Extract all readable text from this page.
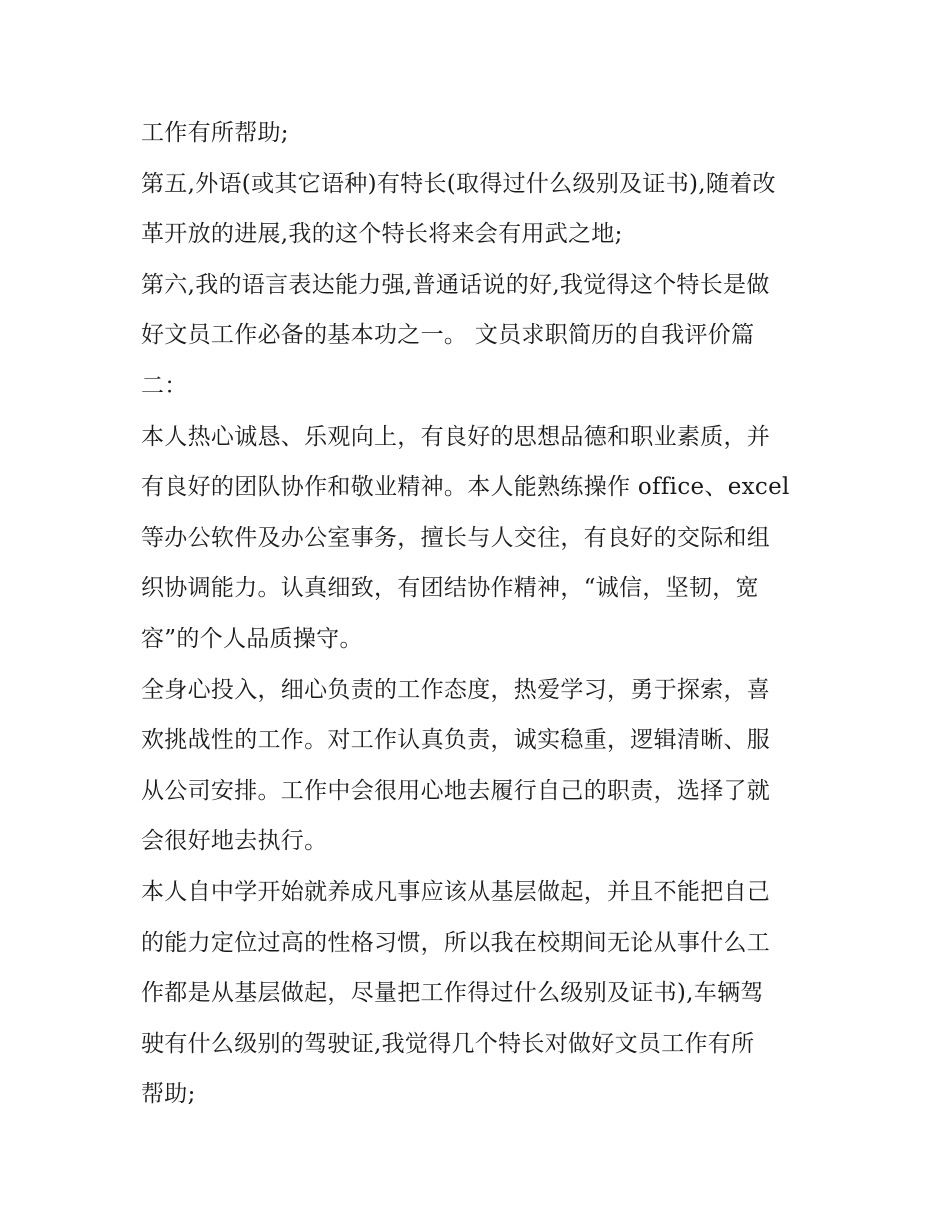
工作有所帮助;
第五,外语(或其它语种)有特长(取得过什么级别及证书),随着改
革开放的进展,我的这个特长将来会有用武之地;
第六,我的语言表达能力强,普通话说的好,我觉得这个特长是做
好文员工作必备的基本功之一。 文员求职简历的自我评价篇
二：
本人热心诚恳、乐观向上，有良好的思想品德和职业素质，并
有良好的团队协作和敬业精神。本人能熟练操作 office、excel
等办公软件及办公室事务，擅长与人交往，有良好的交际和组
织协调能力。认真细致，有团结协作精神，“诚信，坚韧，宽
容”的个人品质操守。
全身心投入，细心负责的工作态度，热爱学习，勇于探索，喜
欢挑战性的工作。对工作认真负责，诚实稳重，逻辑清晰、服
从公司安排。工作中会很用心地去履行自己的职责，选择了就
会很好地去执行。
本人自中学开始就养成凡事应该从基层做起，并且不能把自己
的能力定位过高的性格习惯，所以我在校期间无论从事什么工
作都是从基层做起，尽量把工作得过什么级别及证书),车辆驾
驶有什么级别的驾驶证,我觉得几个特长对做好文员工作有所
帮助;
